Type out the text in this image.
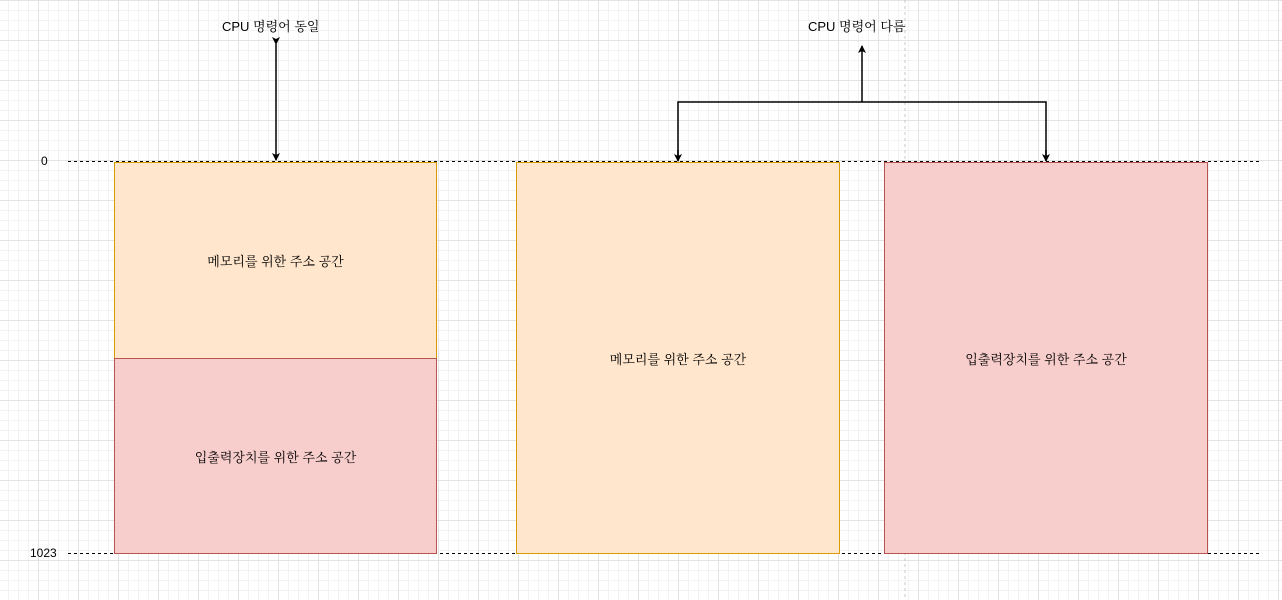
0
1023
CPU 명령어 동일
메모리를 위한 주소 공간
입출력장치를 위한 주소 공간
CPU 명령어 다름
메모리를 위한 주소 공간	입출력장치를 위한 주소 공간
